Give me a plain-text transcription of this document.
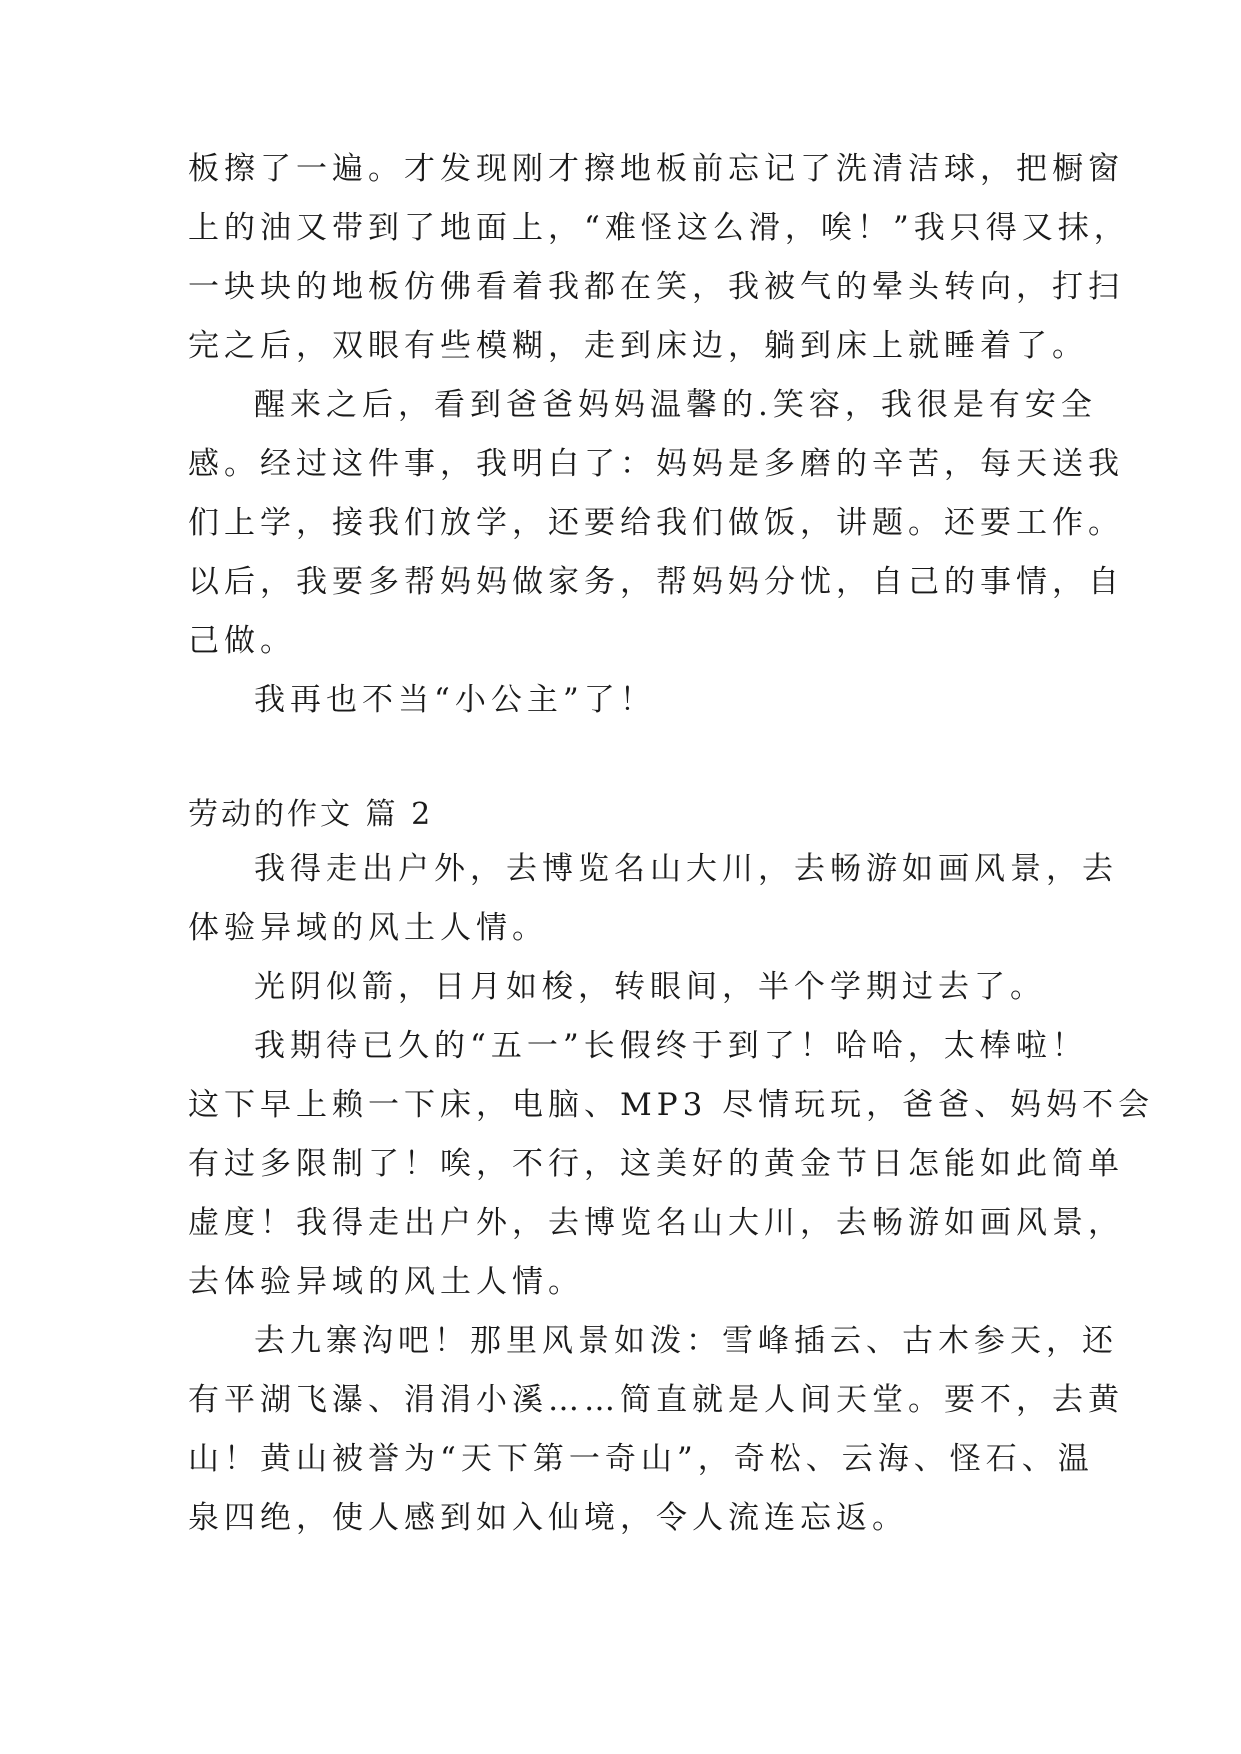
板擦了一遍。才发现刚才擦地板前忘记了洗清洁球，把橱窗
上的油又带到了地面上，“难怪这么滑，唉！”我只得又抹，
一块块的地板仿佛看着我都在笑，我被气的晕头转向，打扫
完之后，双眼有些模糊，走到床边，躺到床上就睡着了。
醒来之后，看到爸爸妈妈温馨的.笑容，我很是有安全
感。经过这件事，我明白了：妈妈是多磨的辛苦，每天送我
们上学，接我们放学，还要给我们做饭，讲题。还要工作。
以后，我要多帮妈妈做家务，帮妈妈分忧，自己的事情，自
己做。
我再也不当“小公主”了！
劳动的作文 篇 2
我得走出户外，去博览名山大川，去畅游如画风景，去
体验异域的风土人情。
光阴似箭，日月如梭，转眼间，半个学期过去了。
我期待已久的“五一”长假终于到了！哈哈，太棒啦！
这下早上赖一下床，电脑、MP3 尽情玩玩，爸爸、妈妈不会
有过多限制了！唉，不行，这美好的黄金节日怎能如此简单
虚度！我得走出户外，去博览名山大川，去畅游如画风景，
去体验异域的风土人情。
去九寨沟吧！那里风景如泼：雪峰插云、古木参天，还
有平湖飞瀑、涓涓小溪……简直就是人间天堂。要不，去黄
山！黄山被誉为“天下第一奇山”，奇松、云海、怪石、温
泉四绝，使人感到如入仙境，令人流连忘返。
